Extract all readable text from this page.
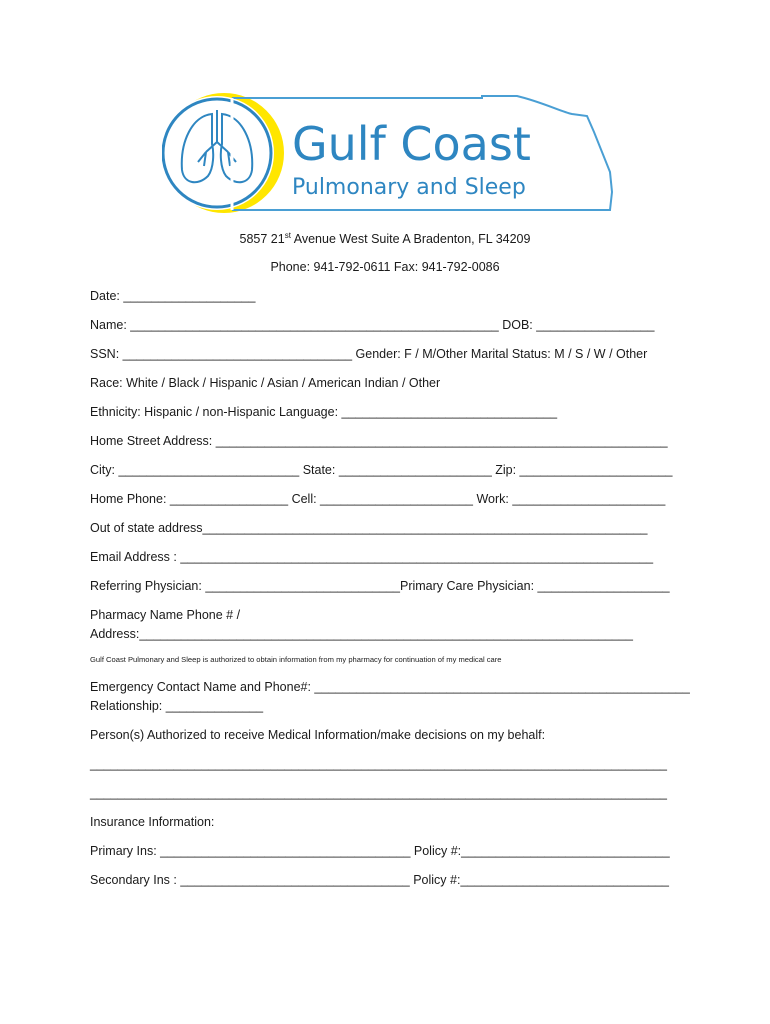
Gulf Coast
Pulmonary and Sleep
5857 21st Avenue West Suite A Bradenton, FL 34209
Phone: 941-792-0611 Fax: 941-792-0086
Date: ___________________
Name: _____________________________________________________ DOB: _________________
SSN: _________________________________ Gender: F / M/Other Marital Status: M / S / W / Other
Race: White / Black / Hispanic / Asian / American Indian / Other
Ethnicity: Hispanic / non-Hispanic Language: _______________________________
Home Street Address: _________________________________________________________________
City: __________________________ State: ______________________ Zip: ______________________
Home Phone: _________________ Cell: ______________________ Work: ______________________
Out of state address________________________________________________________________
Email Address : ____________________________________________________________________
Referring Physician: ____________________________Primary Care Physician: ___________________
Pharmacy Name Phone # /
Address:_______________________________________________________________________
Gulf Coast Pulmonary and Sleep is authorized to obtain information from my pharmacy for continuation of my medical care
Emergency Contact Name and Phone#: ______________________________________________________
Relationship: ______________
Person(s) Authorized to receive Medical Information/make decisions on my behalf:
___________________________________________________________________________________
___________________________________________________________________________________
Insurance Information:
Primary Ins: ____________________________________ Policy #:______________________________
Secondary Ins : _________________________________ Policy #:______________________________
